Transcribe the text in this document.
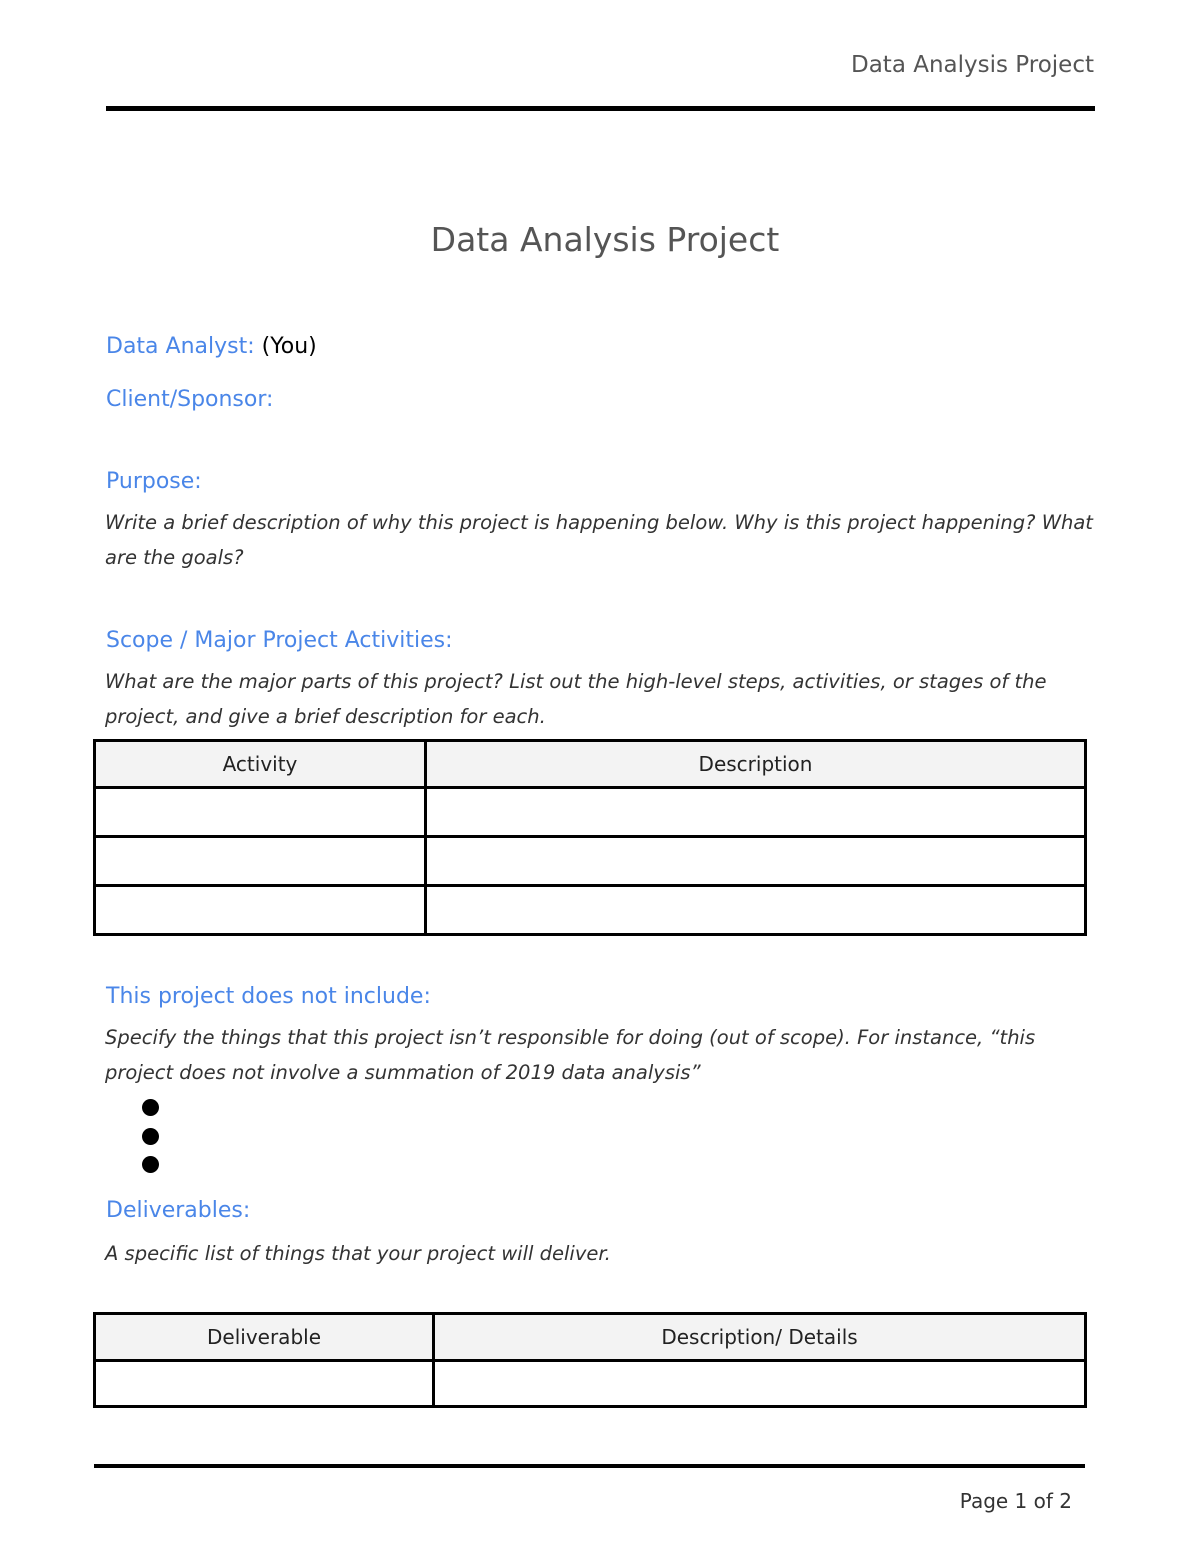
Data Analysis Project
Data Analysis Project
Data Analyst: (You)
Client/Sponsor:
Purpose:
Write a brief description of why this project is happening below. Why is this project happening? What are the goals?
Scope / Major Project Activities:
What are the major parts of this project? List out the high-level steps, activities, or stages of the project, and give a brief description for each.
Activity	Description

This project does not include:
Specify the things that this project isn’t responsible for doing (out of scope). For instance, “this project does not involve a summation of 2019 data analysis”
Deliverables:
A specific list of things that your project will deliver.
Deliverable	Description/ Details

Page 1 of 2
